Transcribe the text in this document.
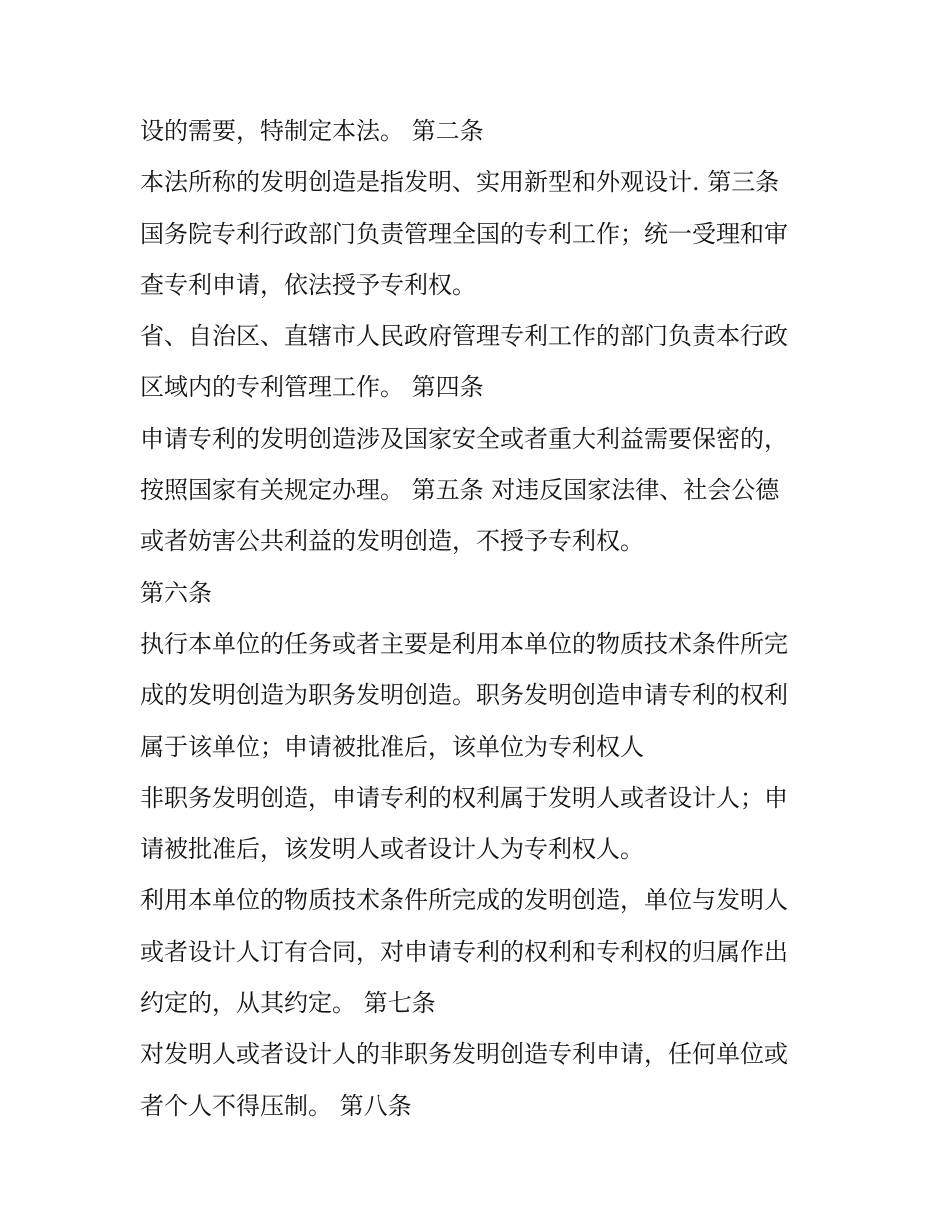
设的需要，特制定本法。 第二条
本法所称的发明创造是指发明、实用新型和外观设计. 第三条
国务院专利行政部门负责管理全国的专利工作；统一受理和审
查专利申请，依法授予专利权。
省、自治区、直辖市人民政府管理专利工作的部门负责本行政
区域内的专利管理工作。 第四条
申请专利的发明创造涉及国家安全或者重大利益需要保密的，
按照国家有关规定办理。 第五条 对违反国家法律、社会公德
或者妨害公共利益的发明创造，不授予专利权。
第六条
执行本单位的任务或者主要是利用本单位的物质技术条件所完
成的发明创造为职务发明创造。职务发明创造申请专利的权利
属于该单位；申请被批准后，该单位为专利权人
非职务发明创造，申请专利的权利属于发明人或者设计人；申
请被批准后，该发明人或者设计人为专利权人。
利用本单位的物质技术条件所完成的发明创造，单位与发明人
或者设计人订有合同，对申请专利的权利和专利权的归属作出
约定的，从其约定。 第七条
对发明人或者设计人的非职务发明创造专利申请，任何单位或
者个人不得压制。 第八条
